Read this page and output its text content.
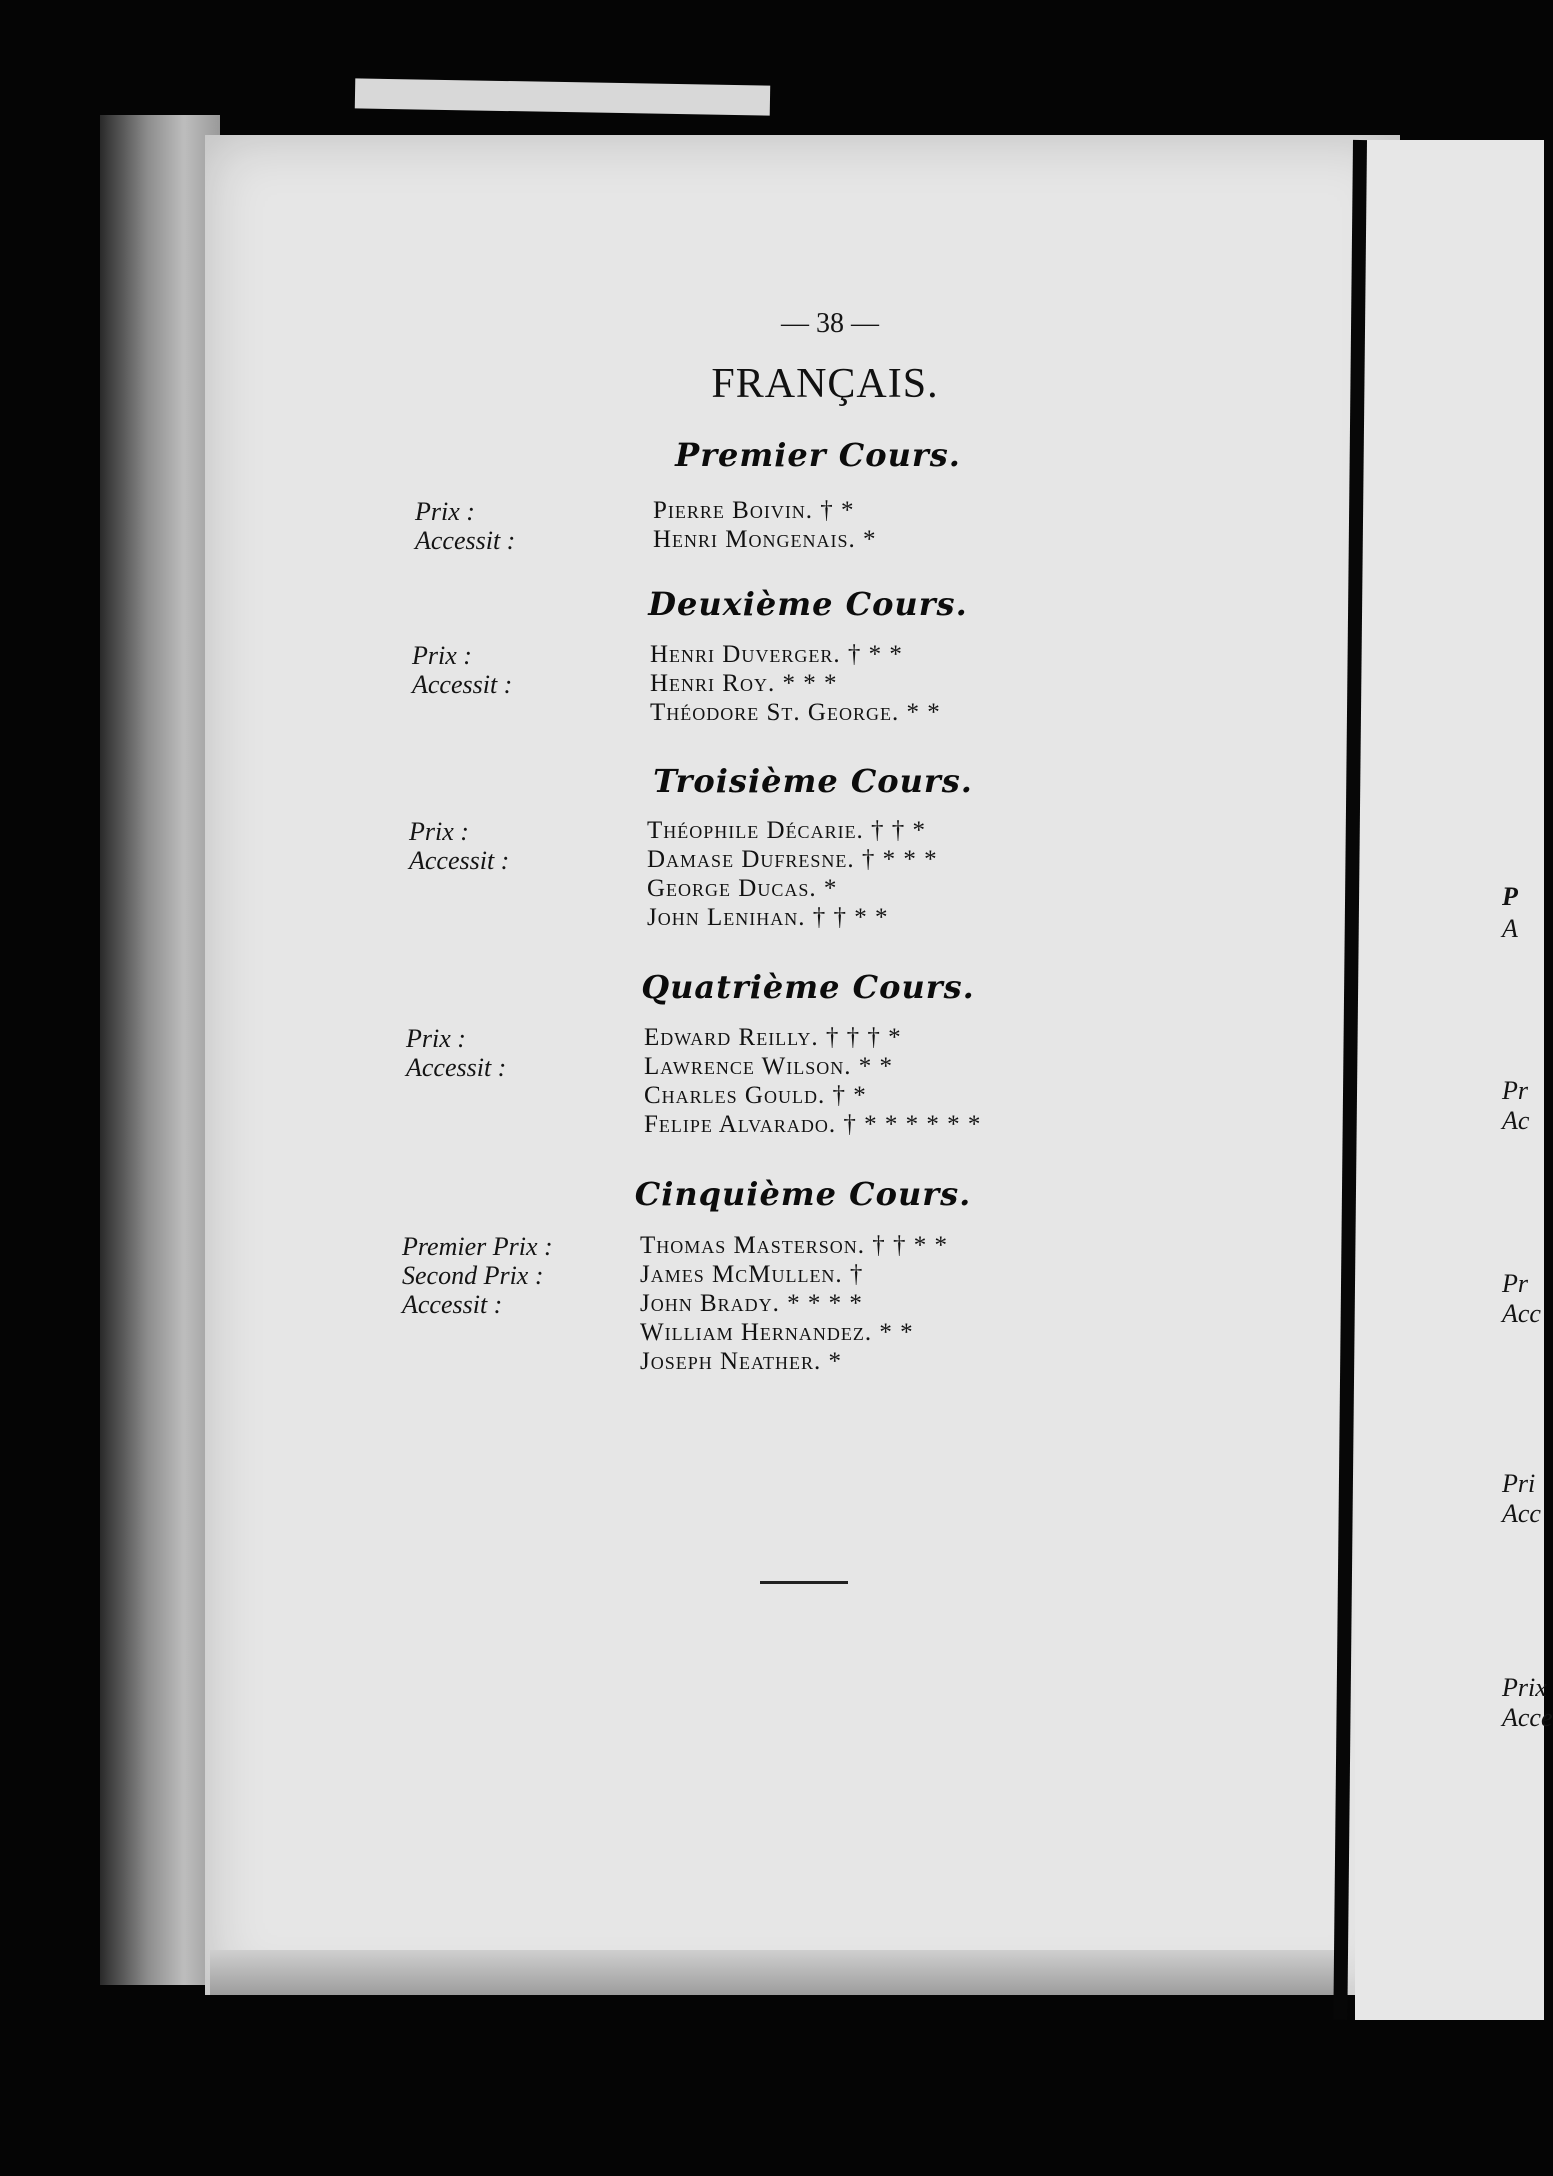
— 38 —
FRANÇAIS.
Premier Cours.
Prix :	Pierre Boivin. † *
Accessit :	Henri Mongenais. *
Deuxième Cours.
Prix :	Henri Duverger. † * *
Accessit :	Henri Roy. * * *
Théodore St. George. * *
Troisième Cours.
Prix :	Théophile Décarie. † † *
Accessit :	Damase Dufresne. † * * *
George Ducas. *
John Lenihan. † † * *
Quatrième Cours.
Prix :	Edward Reilly. † † † *
Accessit :	Lawrence Wilson. * *
Charles Gould. † *
Felipe Alvarado. † * * * * * *
Cinquième Cours.
Premier Prix :	Thomas Masterson. † † * *
Second Prix :	James McMullen. †
Accessit :	John Brady. * * * *
William Hernandez. * *
Joseph Neather. *
P
A
Pr
Ac
Pr
Acc
Pri
Acc
Prix
Acce
